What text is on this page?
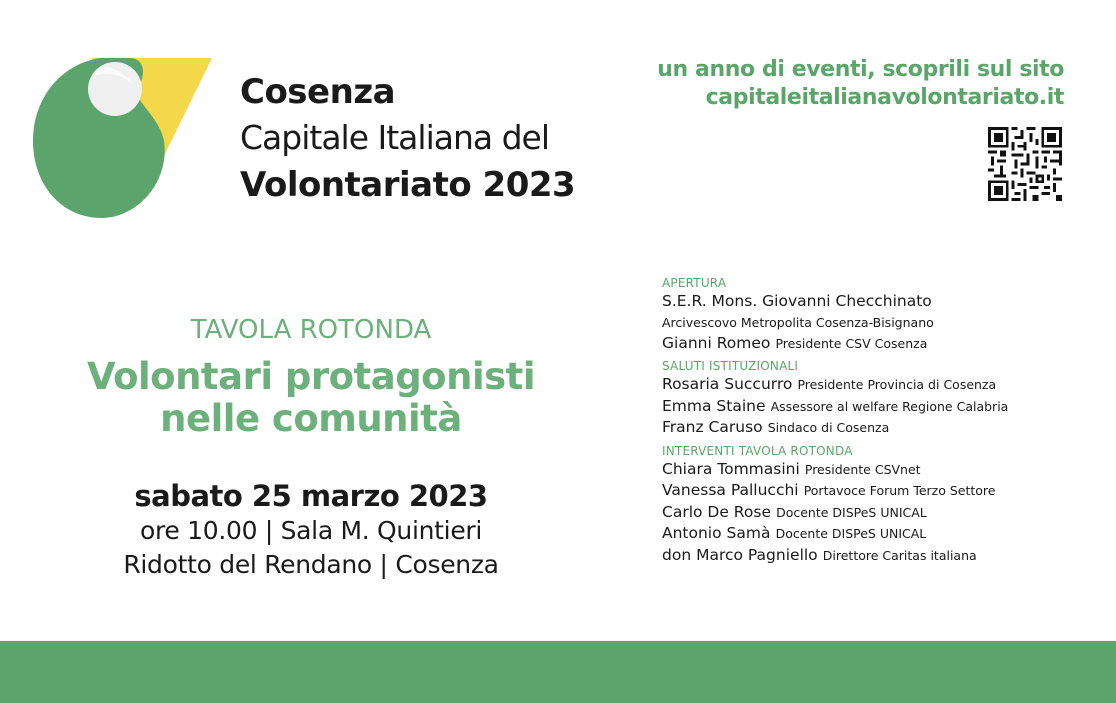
Cosenza
Capitale Italiana del
Volontariato 2023
un anno di eventi, scoprili sul sito
capitaleitalianavolontariato.it
TAVOLA ROTONDA
Volontari protagonisti
nelle comunità
sabato 25 marzo 2023
ore 10.00 | Sala M. Quintieri
Ridotto del Rendano | Cosenza
APERTURA
S.E.R. Mons. Giovanni Checchinato
Arcivescovo Metropolita Cosenza-Bisignano
Gianni Romeo Presidente CSV Cosenza
SALUTI ISTITUZIONALI
Rosaria Succurro Presidente Provincia di Cosenza
Emma Staine Assessore al welfare Regione Calabria
Franz Caruso Sindaco di Cosenza
INTERVENTI TAVOLA ROTONDA
Chiara Tommasini Presidente CSVnet
Vanessa Pallucchi Portavoce Forum Terzo Settore
Carlo De Rose Docente DISPeS UNICAL
Antonio Samà Docente DISPeS UNICAL
don Marco Pagniello Direttore Caritas italiana
